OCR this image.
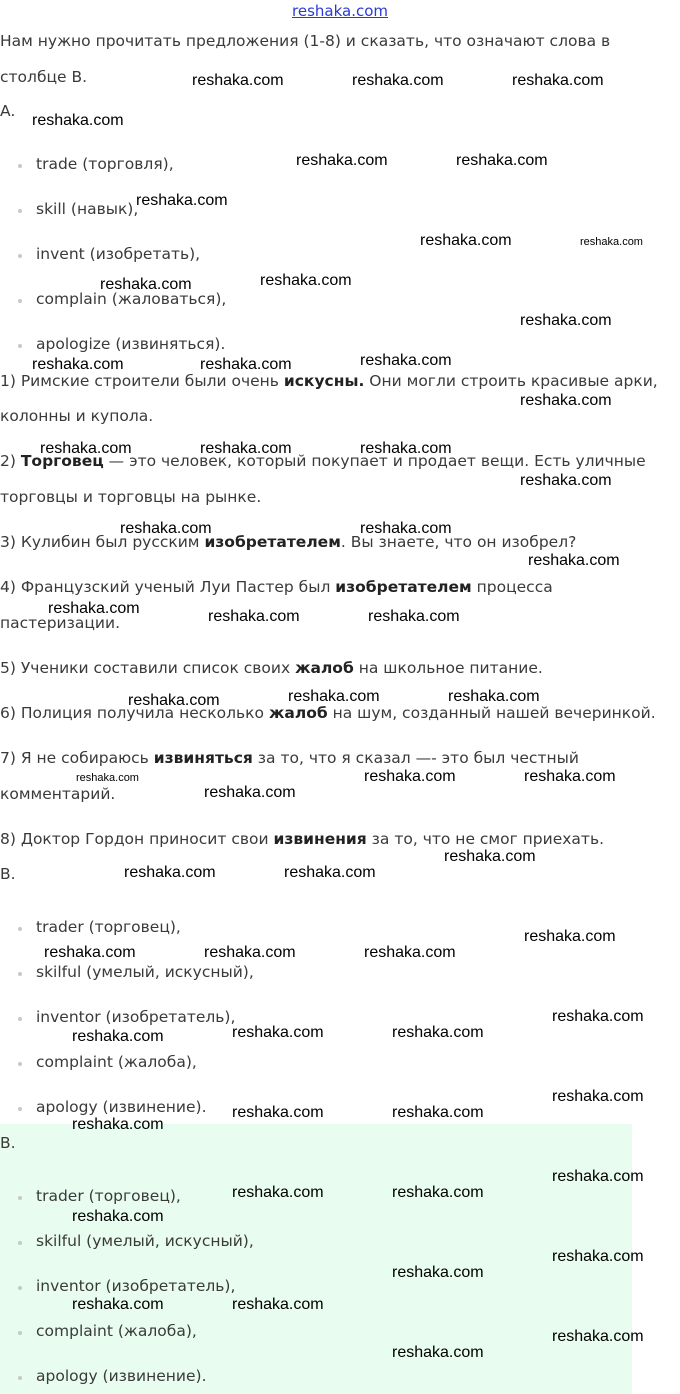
reshaka.com
Нам нужно прочитать предложения (1-8) и сказать, что означают слова в
столбце В.
A.
trade (торговля),
skill (навык),
invent (изобретать),
complain (жаловаться),
apologize (извиняться).
1) Римские строители были очень искусны. Они могли строить красивые арки,
колонны и купола.
2) Торговец — это человек, который покупает и продает вещи. Есть уличные
торговцы и торговцы на рынке.
3) Кулибин был русским изобретателем. Вы знаете, что он изобрел?
4) Французский ученый Луи Пастер был изобретателем процесса
пастеризации.
5) Ученики составили список своих жалоб на школьное питание.
6) Полиция получила несколько жалоб на шум, созданный нашей вечеринкой.
7) Я не собираюсь извиняться за то, что я сказал —- это был честный
комментарий.
8) Доктор Гордон приносит свои извинения за то, что не смог приехать.
B.
trader (торговец),
skilful (умелый, искусный),
inventor (изобретатель),
complaint (жалоба),
apology (извинение).
B.
trader (торговец),
skilful (умелый, искусный),
inventor (изобретатель),
complaint (жалоба),
apology (извинение).
reshaka.com	reshaka.com	reshaka.com
reshaka.com
reshaka.com	reshaka.com
reshaka.com
reshaka.com	reshaka.com
reshaka.com	reshaka.com
reshaka.com
reshaka.com	reshaka.com	reshaka.com
reshaka.com
reshaka.com	reshaka.com	reshaka.com
reshaka.com
reshaka.com	reshaka.com
reshaka.com
reshaka.com	reshaka.com	reshaka.com
reshaka.com	reshaka.com	reshaka.com
reshaka.com	reshaka.com	reshaka.com
reshaka.com
reshaka.com
reshaka.com	reshaka.com
reshaka.com
reshaka.com	reshaka.com	reshaka.com
reshaka.com
reshaka.com	reshaka.com
reshaka.com
reshaka.com
reshaka.com	reshaka.com
reshaka.com
reshaka.com
reshaka.com	reshaka.com
reshaka.com
reshaka.com
reshaka.com
reshaka.com	reshaka.com
reshaka.com
reshaka.com
